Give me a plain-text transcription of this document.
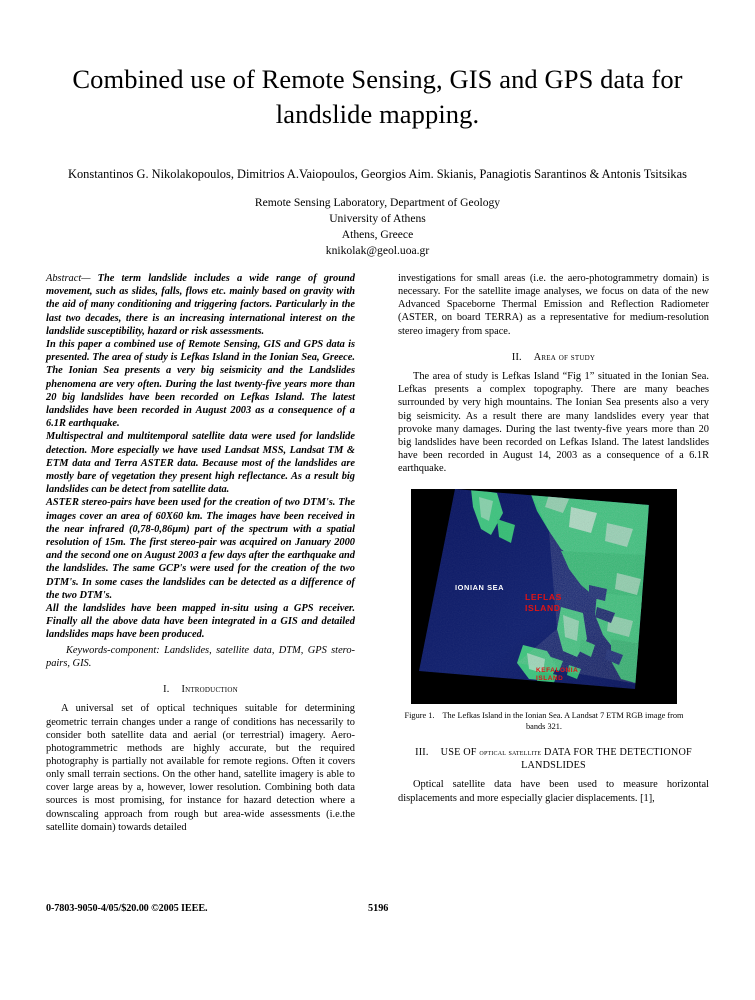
Combined use of Remote Sensing, GIS and GPS data for landslide mapping.
Konstantinos G. Nikolakopoulos, Dimitrios A.Vaiopoulos, Georgios Aim. Skianis, Panagiotis Sarantinos & Antonis Tsitsikas
Remote Sensing Laboratory, Department of Geology
University of Athens
Athens, Greece
knikolak@geol.uoa.gr

Abstract— The term landslide includes a wide range of ground movement, such as slides, falls, flows etc. mainly based on gravity with the aid of many conditioning and triggering factors. Particularly in the last two decades, there is an increasing international interest on the landslide susceptibility, hazard or risk assessments.

In this paper a combined use of Remote Sensing, GIS and GPS data is presented. The area of study is Lefkas Island in the Ionian Sea, Greece. The Ionian Sea presents a very big seismicity and the Landslides phenomena are very often. During the last twenty-five years more than 20 big landslides have been recorded on Lefkas Island. The latest landslides have been recorded in August 2003 as a consequence of a 6.1R earthquake.

Multispectral and multitemporal satellite data were used for landslide detection. More especially we have used Landsat MSS, Landsat TM & ETM data and Terra ASTER data. Because most of the landslides are mostly bare of vegetation they present high reflectance. As a result big landslides can be detect from satellite data.

ASTER stereo-pairs have been used for the creation of two DTM's. The images cover an area of 60X60 km. The images have been received in the near infrared (0,78-0,86μm) part of the spectrum with a spatial resolution of 15m. The first stereo-pair was acquired on January 2000 and the second one on August 2003 a few days after the earthquake and the landslides. The same GCP's were used for the creation of the two DTM's. In some cases the landslides can be detected as a difference of the two DTM's.

All the landslides have been mapped in-situ using a GPS receiver. Finally all the above data have been integrated in a GIS and detailed landslides maps have been produced.

Keywords-component: Landslides, satellite data, DTM, GPS stero-pairs, GIS.

I. Introduction

A universal set of optical techniques suitable for determining geometric terrain changes under a range of conditions has necessarily to consider both satellite data and aerial (or terrestrial) imagery. Aero-photogrammetric methods are highly accurate, but the required photography is partially not available for remote regions. Often it covers only small terrain sections. On the other hand, satellite imagery is able to cover large areas by a, however, lower resolution. Combining both data sources is most promising, for instance for hazard detection where a downscaling approach from rough but area-wide assessments (i.e.the satellite domain) towards detailed

investigations for small areas (i.e. the aero-photogrammetry domain) is necessary. For the satellite image analyses, we focus on data of the new Advanced Spaceborne Thermal Emission and Reflection Radiometer (ASTER, on board TERRA) as a representative for medium-resolution stereo imagery from space.

II. Area of study

The area of study is Lefkas Island “Fig 1” situated in the Ionian Sea. Lefkas presents a complex topography. There are many beaches surrounded by very high mountains. The Ionian Sea presents also a very big seismicity. As a result there are many landslides every year that provoke many damages. During the last twenty-five years more than 20 big landslides have been recorded on Lefkas Island. The latest landslides have been recorded in August 14, 2003 as a consequence of a 6.1R earthquake.

IONIAN SEA
LEFLAS
ISLAND
KEFALONIA
ISLAND
Figure 1. The Lefkas Island in the Ionian Sea. A Landsat 7 ETM RGB image from bands 321.
III. USE OF optical satellite DATA FOR THE DETECTIONOF LANDSLIDES

Optical satellite data have been used to measure horizontal displacements and more especially glacier displacements. [1],

0-7803-9050-4/05/$20.00 ©2005 IEEE.	5196
